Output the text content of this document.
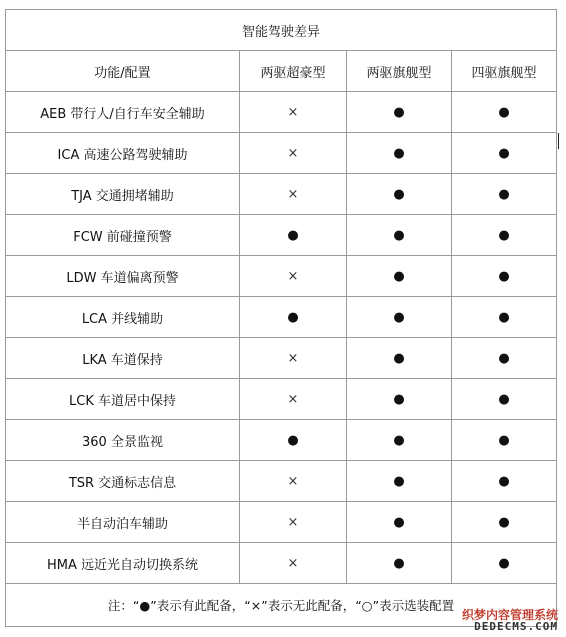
智能驾驶差异			
功能/配置	两驱超豪型	两驱旗舰型	四驱旗舰型
AEB 带行人/自行车安全辅助	×	●	●
ICA 高速公路驾驶辅助	×	●	●
TJA 交通拥堵辅助	×	●	●
FCW 前碰撞预警	●	●	●
LDW 车道偏离预警	×	●	●
LCA 并线辅助	●	●	●
LKA 车道保持	×	●	●
LCK 车道居中保持	×	●	●
360 全景监视	●	●	●
TSR 交通标志信息	×	●	●
半自动泊车辅助	×	●	●
HMA 远近光自动切换系统	×	●	●
注：“●”表示有此配备，“×”表示无此配备，“○”表示选装配置			
织梦内容管理系统
DEDECMS.COM
